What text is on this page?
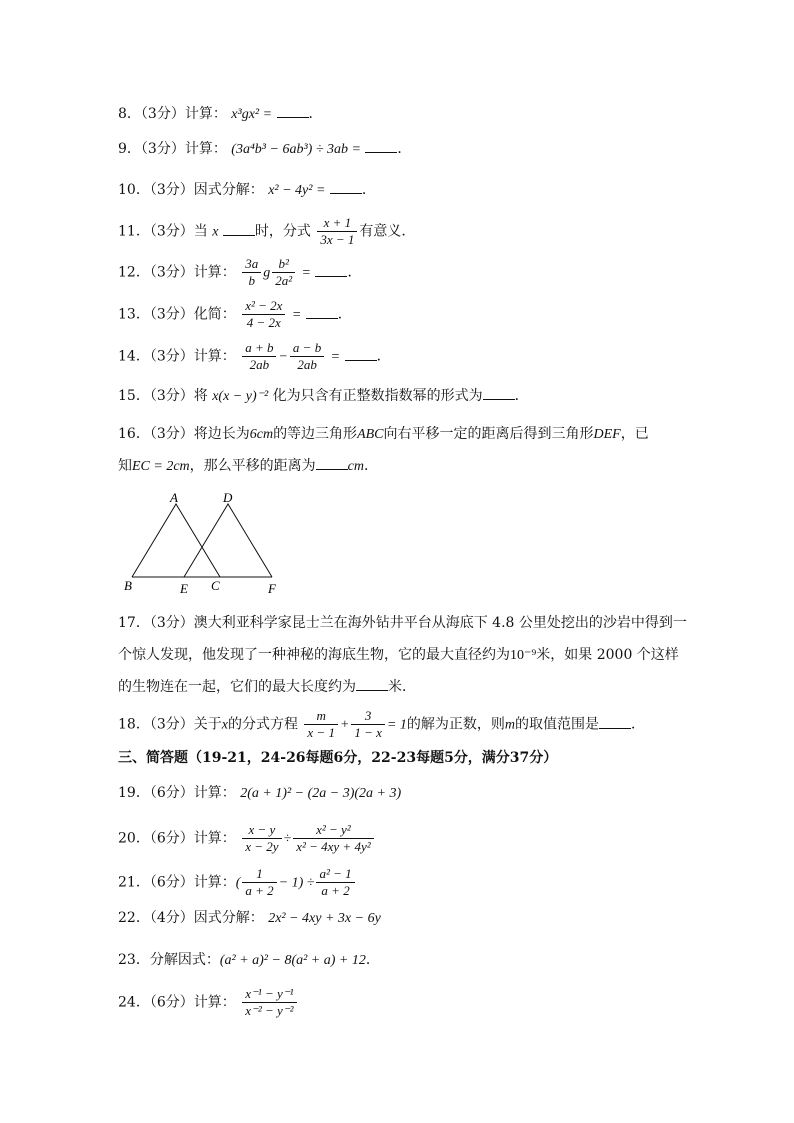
8．（3分）计算： x³gx² =	．
9．（3分）计算： (3a⁴b³ − 6ab³) ÷ 3ab =	．
10．（3分）因式分解： x² − 4y² =	．
11．（3分）当 x	时，分式 $\frac{x + 1}{3x - 1}$ 有意义．
12．（3分）计算： $\frac{3a}{b}$ g $\frac{\text{b²}}{\text{2a²}}$ =	．
13．（3分）化简： $\frac{\text{x² − 2x}}{4 - 2x}$ =	．
14．（3分）计算： $\frac{a + b}{2ab} - \frac{a - b}{2ab}$ =	．
15．（3分）将 x(x − y)⁻² 化为只含有正整数指数幂的形式为 ．
16．（3分）将边长为6cm的等边三角形ABC向右平移一定的距离后得到三角形DEF，已
知EC = 2cm，那么平移的距离为 cm．
A	D
B	E C	F
17．（3分）澳大利亚科学家昆士兰在海外钻井平台从海底下 4.8 公里处挖出的沙岩中得到一
个惊人发现，他发现了一种神秘的海底生物，它的最大直径约为10⁻⁹米，如果 2000 个这样
的生物连在一起，它们的最大长度约为 米．
18．（3分）关于x的分式方程 $\frac{m}{x - 1} + \frac{3}{1 - x} = 1$的解为正数，则m的取值范围是 ．
三、简答题（19-21，24-26每题6分，22-23每题5分，满分37分）
19．（6分）计算： 2(a + 1)² − (2a − 3)(2a + 3)
20．（6分）计算： $\frac{x - y}{x - 2y} \div \frac{\text{x² − y²}}{\text{x² − 4xy + 4y²}}$
21．（6分）计算：( $\frac{1}{a + 2} - 1) \div \frac{\text{a² − 1}}{a + 2}$
22．（4分）因式分解： 2x² − 4xy + 3x − 6y
23．分解因式：(a² + a)² − 8(a² + a) + 12．
24．（6分）计算： $\frac{\text{x⁻¹ − y⁻¹}}{\text{x⁻² − y⁻²}}$
